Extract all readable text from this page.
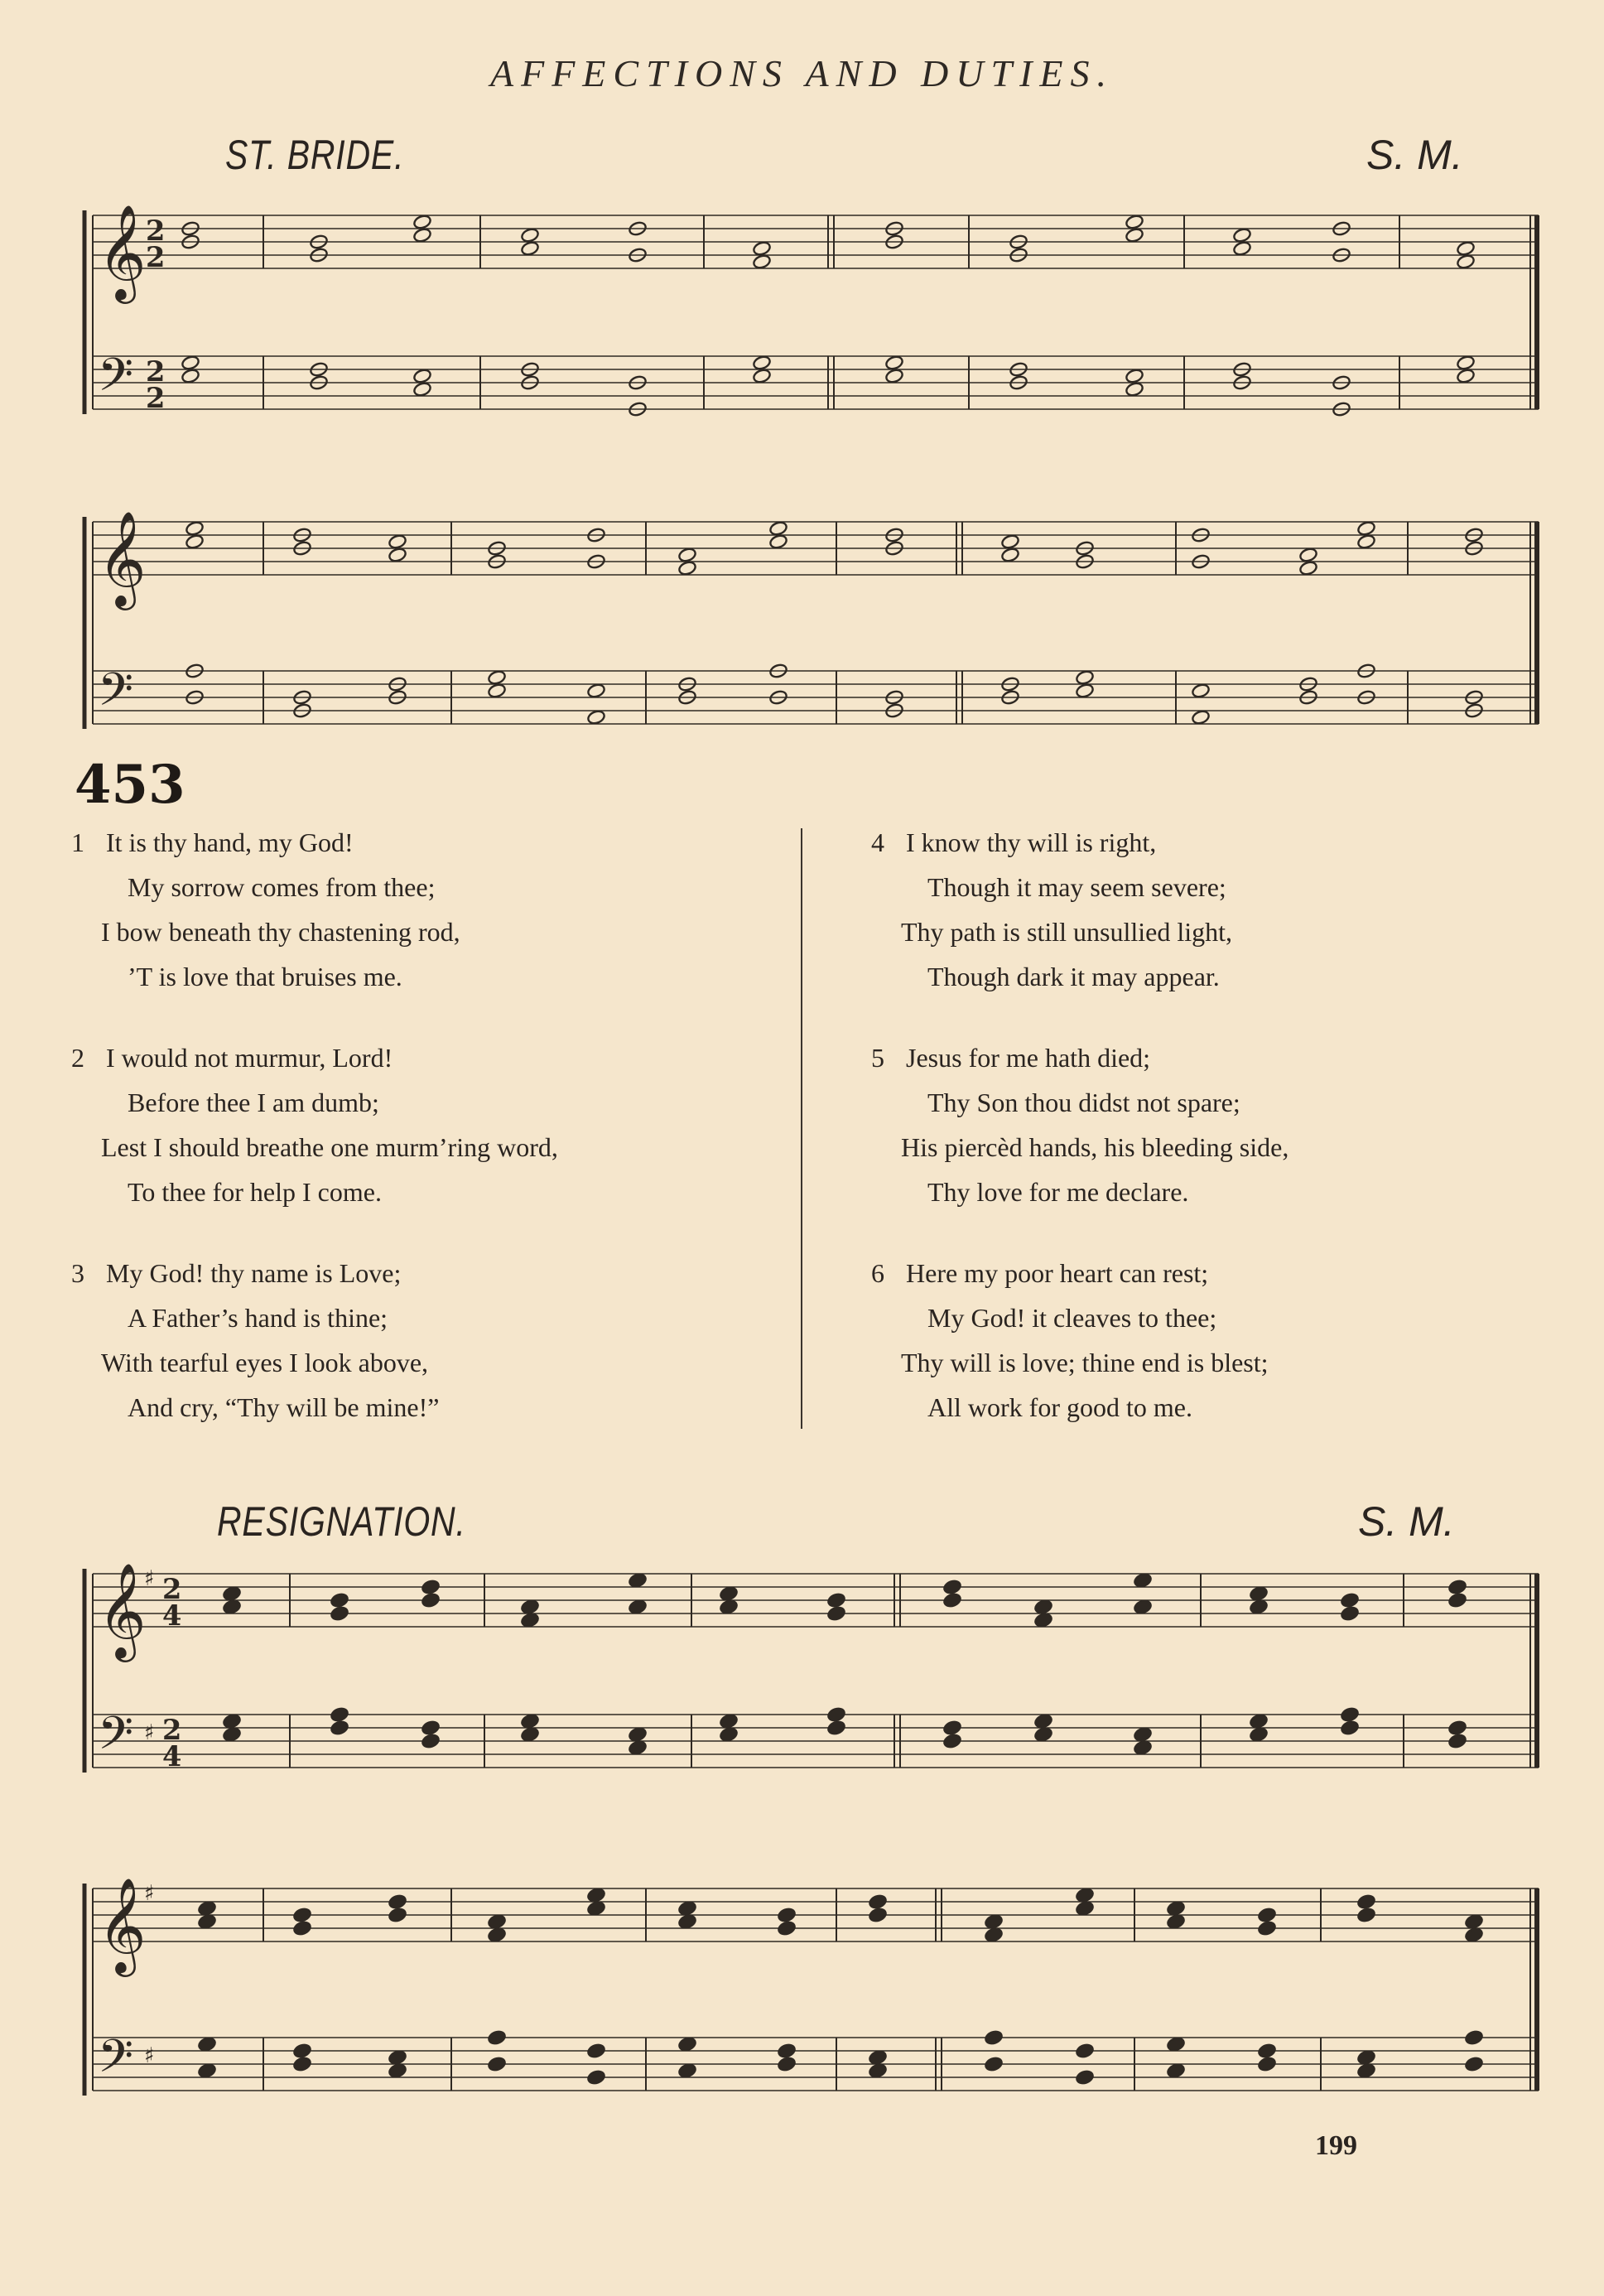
AFFECTIONS AND DUTIES.
ST. BRIDE.	S. M.
𝄞
𝄢
2
2
2
2
𝄞
𝄢
453
1 It is thy hand, my God!
My sorrow comes from thee;
I bow beneath thy chastening rod,
’T is love that bruises me.
2 I would not murmur, Lord!
Before thee I am dumb;
Lest I should breathe one murm’ring word,
To thee for help I come.
3 My God! thy name is Love;
A Father’s hand is thine;
With tearful eyes I look above,
And cry, “Thy will be mine!”
4 I know thy will is right,
Though it may seem severe;
Thy path is still unsullied light,
Though dark it may appear.
5 Jesus for me hath died;
Thy Son thou didst not spare;
His piercèd hands, his bleeding side,
Thy love for me declare.
6 Here my poor heart can rest;
My God! it cleaves to thee;
Thy will is love; thine end is blest;
All work for good to me.
RESIGNATION.	S. M.
𝄞
𝄢
♯
♯
2
4
2
4
𝄞
𝄢
♯
♯
199
